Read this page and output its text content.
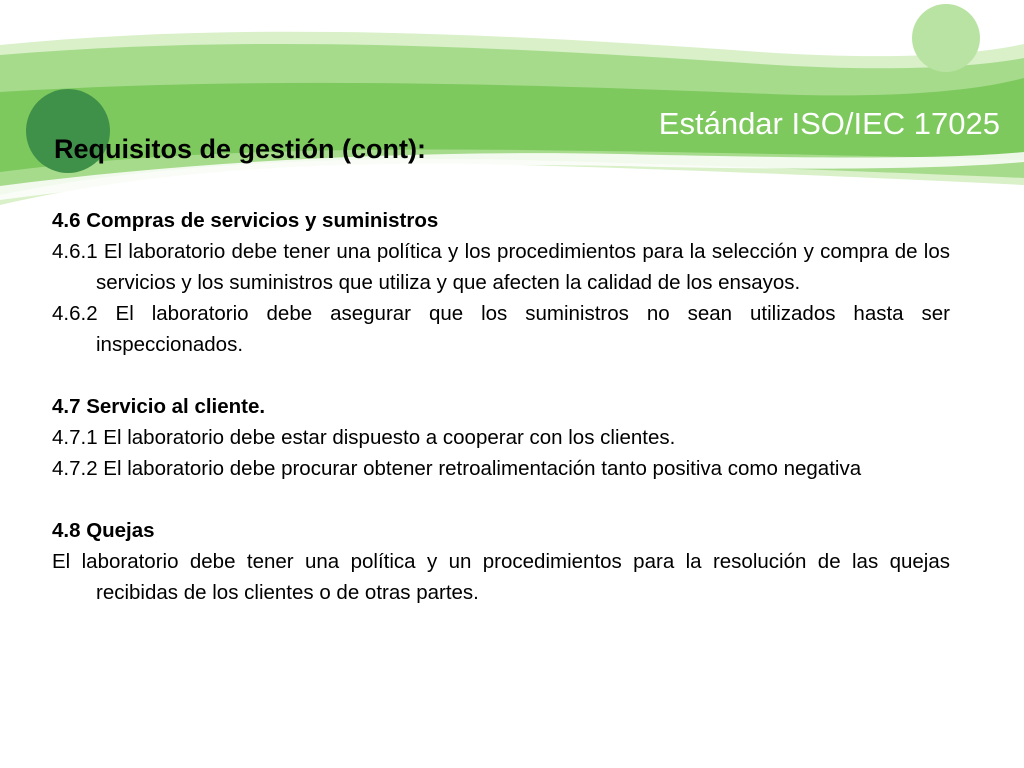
Estándar ISO/IEC 17025
Requisitos de gestión (cont):

4.6 Compras de servicios y suministros

4.6.1 El laboratorio debe tener una política y los procedimientos para la selección y compra de los servicios y los suministros que utiliza y que afecten la calidad de los ensayos.

4.6.2 El laboratorio debe asegurar que los suministros no sean utilizados hasta ser inspeccionados.

4.7 Servicio al cliente.

4.7.1 El laboratorio debe estar dispuesto a cooperar con los clientes.

4.7.2 El laboratorio debe procurar obtener retroalimentación tanto positiva como negativa

4.8 Quejas

El laboratorio debe tener una política y un procedimientos para la resolución de las quejas recibidas de los clientes o de otras partes.
